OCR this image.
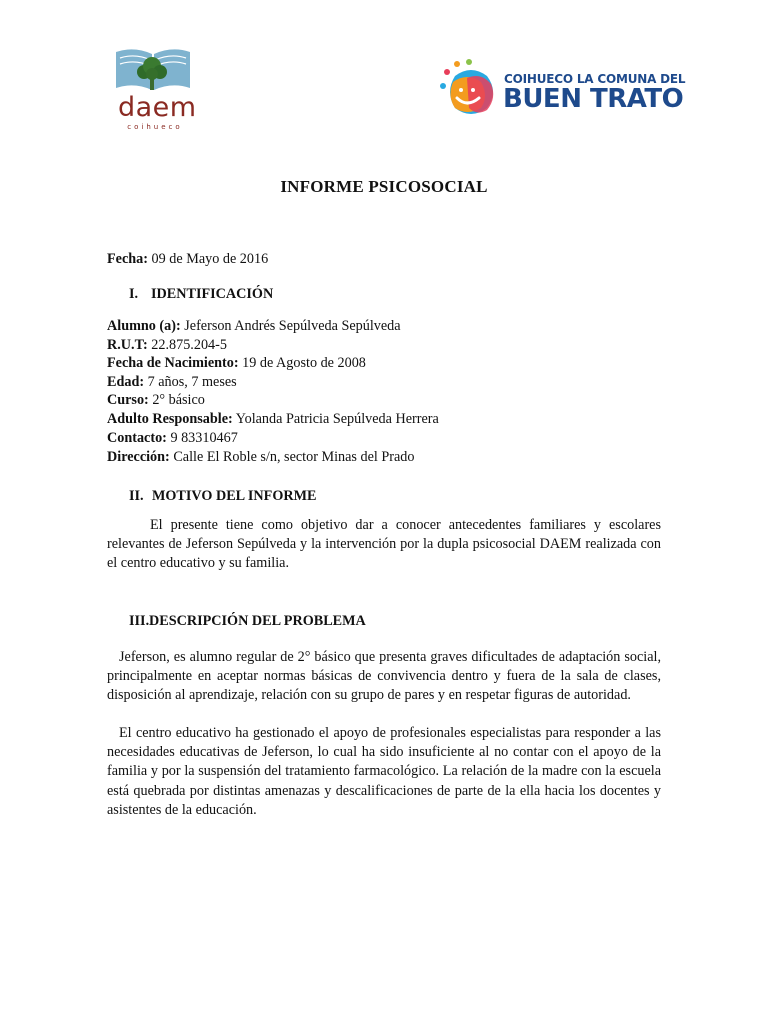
daem
coihueco
COIHUECO LA COMUNA DEL
BUEN TRATO
INFORME PSICOSOCIAL
Fecha: 09 de Mayo de 2016
I. IDENTIFICACIÓN
Alumno (a): Jeferson Andrés Sepúlveda Sepúlveda
R.U.T: 22.875.204-5
Fecha de Nacimiento: 19 de Agosto de 2008
Edad: 7 años, 7 meses
Curso: 2° básico
Adulto Responsable: Yolanda Patricia Sepúlveda Herrera
Contacto: 9 83310467
Dirección: Calle El Roble s/n, sector Minas del Prado
II. MOTIVO DEL INFORME
El presente tiene como objetivo dar a conocer antecedentes familiares y escolares relevantes de Jeferson Sepúlveda y la intervención por la dupla psicosocial DAEM realizada con el centro educativo y su familia.
III. DESCRIPCIÓN DEL PROBLEMA
Jeferson, es alumno regular de 2° básico que presenta graves dificultades de adaptación social, principalmente en aceptar normas básicas de convivencia dentro y fuera de la sala de clases, disposición al aprendizaje, relación con su grupo de pares y en respetar figuras de autoridad.
El centro educativo ha gestionado el apoyo de profesionales especialistas para responder a las necesidades educativas de Jeferson, lo cual ha sido insuficiente al no contar con el apoyo de la familia y por la suspensión del tratamiento farmacológico. La relación de la madre con la escuela está quebrada por distintas amenazas y descalificaciones de parte de la ella hacia los docentes y asistentes de la educación.
